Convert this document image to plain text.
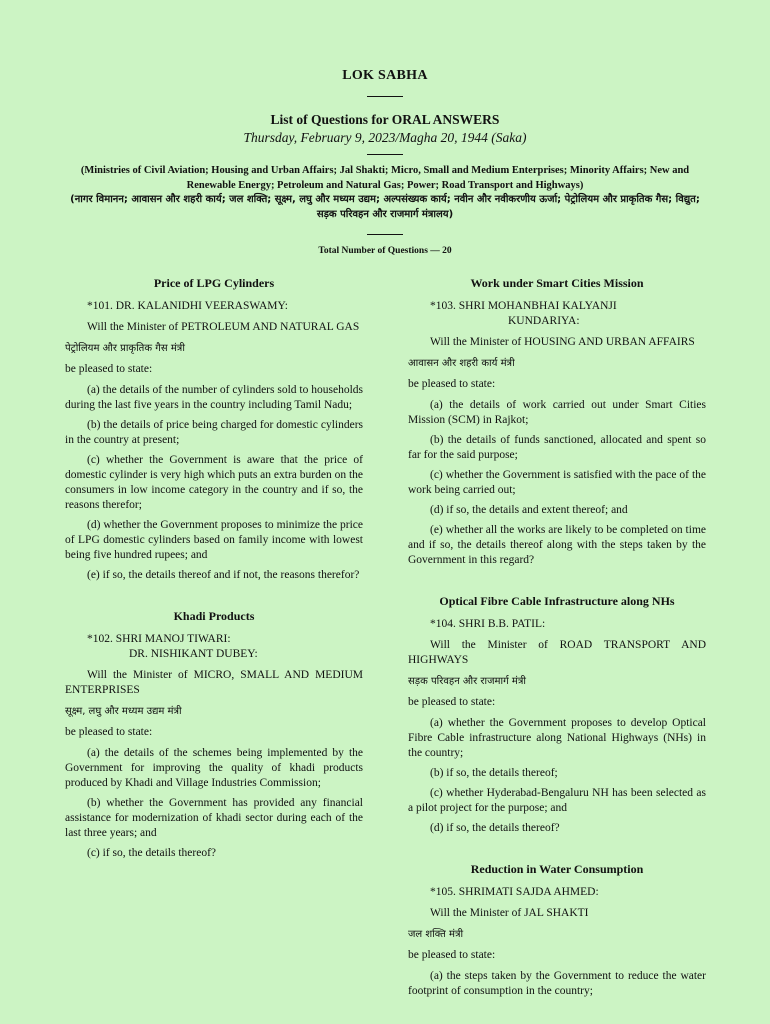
LOK SABHA
List of Questions for ORAL ANSWERS
Thursday, February 9, 2023/Magha 20, 1944 (Saka)
(Ministries of Civil Aviation; Housing and Urban Affairs; Jal Shakti; Micro, Small and Medium Enterprises; Minority Affairs; New and Renewable Energy; Petroleum and Natural Gas; Power; Road Transport and Highways)
(नागर विमानन; आवासन और शहरी कार्य; जल शक्ति; सूक्ष्म, लघु और मध्यम उद्यम; अल्पसंख्यक कार्य; नवीन और नवीकरणीय ऊर्जा; पेट्रोलियम और प्राकृतिक गैस; विद्युत; सड़क परिवहन और राजमार्ग मंत्रालय)
Total Number of Questions — 20
Price of LPG Cylinders
*101. DR. KALANIDHI VEERASWAMY:
Will the Minister of PETROLEUM AND NATURAL GAS
पेट्रोलियम और प्राकृतिक गैस मंत्री
be pleased to state:
(a) the details of the number of cylinders sold to households during the last five years in the country including Tamil Nadu;
(b) the details of price being charged for domestic cylinders in the country at present;
(c) whether the Government is aware that the price of domestic cylinder is very high which puts an extra burden on the consumers in low income category in the country and if so, the reasons therefor;
(d) whether the Government proposes to minimize the price of LPG domestic cylinders based on family income with lowest being five hundred rupees; and
(e) if so, the details thereof and if not, the reasons therefor?
Khadi Products
*102. SHRI MANOJ TIWARI:
DR. NISHIKANT DUBEY:
Will the Minister of MICRO, SMALL AND MEDIUM ENTERPRISES
सूक्ष्म, लघु और मध्यम उद्यम मंत्री
be pleased to state:
(a) the details of the schemes being implemented by the Government for improving the quality of khadi products produced by Khadi and Village Industries Commission;
(b) whether the Government has provided any financial assistance for modernization of khadi sector during each of the last three years; and
(c) if so, the details thereof?
Work under Smart Cities Mission
*103. SHRI MOHANBHAI KALYANJI
KUNDARIYA:
Will the Minister of HOUSING AND URBAN AFFAIRS
आवासन और शहरी कार्य मंत्री
be pleased to state:
(a) the details of work carried out under Smart Cities Mission (SCM) in Rajkot;
(b) the details of funds sanctioned, allocated and spent so far for the said purpose;
(c) whether the Government is satisfied with the pace of the work being carried out;
(d) if so, the details and extent thereof; and
(e) whether all the works are likely to be completed on time and if so, the details thereof along with the steps taken by the Government in this regard?
Optical Fibre Cable Infrastructure along NHs
*104. SHRI B.B. PATIL:
Will the Minister of ROAD TRANSPORT AND HIGHWAYS
सड़क परिवहन और राजमार्ग मंत्री
be pleased to state:
(a) whether the Government proposes to develop Optical Fibre Cable infrastructure along National Highways (NHs) in the country;
(b) if so, the details thereof;
(c) whether Hyderabad-Bengaluru NH has been selected as a pilot project for the purpose; and
(d) if so, the details thereof?
Reduction in Water Consumption
*105. SHRIMATI SAJDA AHMED:
Will the Minister of JAL SHAKTI
जल शक्ति मंत्री
be pleased to state:
(a) the steps taken by the Government to reduce the water footprint of consumption in the country;
